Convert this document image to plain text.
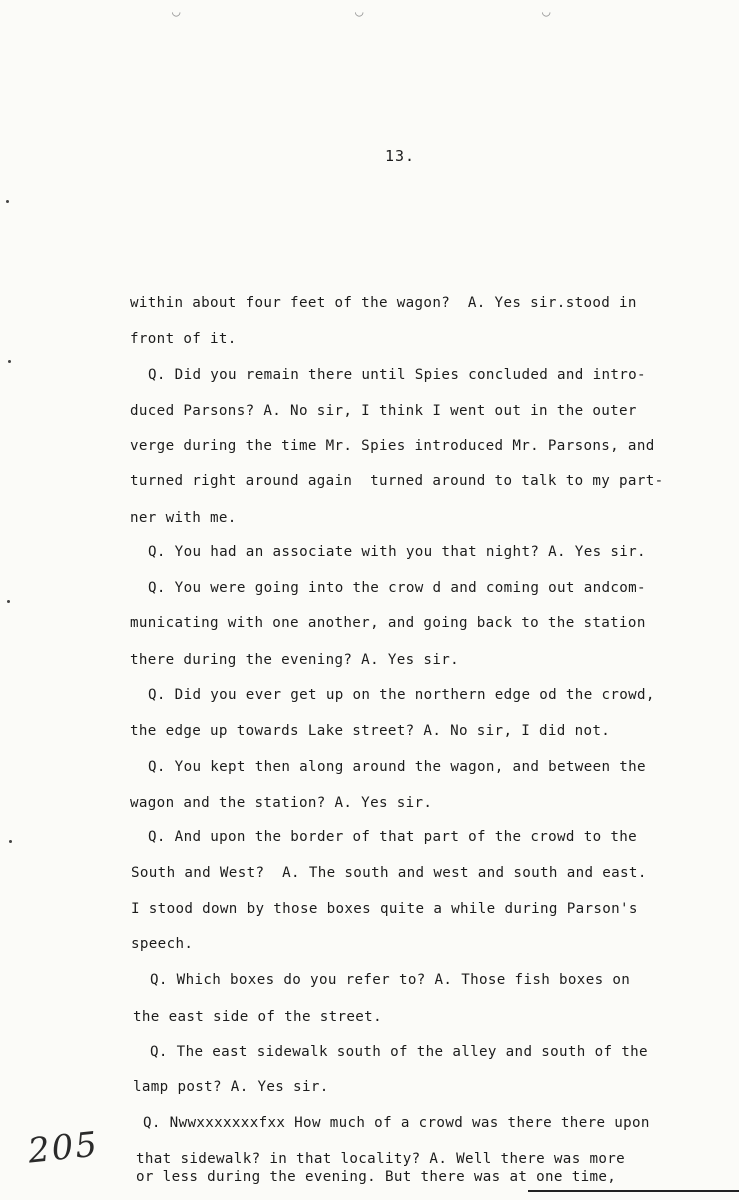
◡	◡	◡
13.
within about four feet of the wagon?  A. Yes sir.stood in
front of it.
Q. Did you remain there until Spies concluded and intro-
duced Parsons? A. No sir, I think I went out in the outer
verge during the time Mr. Spies introduced Mr. Parsons, and
turned right around again  turned around to talk to my part-
ner with me.
Q. You had an associate with you that night? A. Yes sir.
Q. You were going into the crow d and coming out andcom-
municating with one another, and going back to the station
there during the evening? A. Yes sir.
Q. Did you ever get up on the northern edge od the crowd,
the edge up towards Lake street? A. No sir, I did not.
Q. You kept then along around the wagon, and between the
wagon and the station? A. Yes sir.
Q. And upon the border of that part of the crowd to the
South and West?  A. The south and west and south and east.
I stood down by those boxes quite a while during Parson's
speech.
Q. Which boxes do you refer to? A. Those fish boxes on
the east side of the street.
Q. The east sidewalk south of the alley and south of the
lamp post? A. Yes sir.
Q. Nwwxxxxxxxfxx How much of a crowd was there there upon
that sidewalk? in that locality? A. Well there was more
or less during the evening. But there was at one time,
205
